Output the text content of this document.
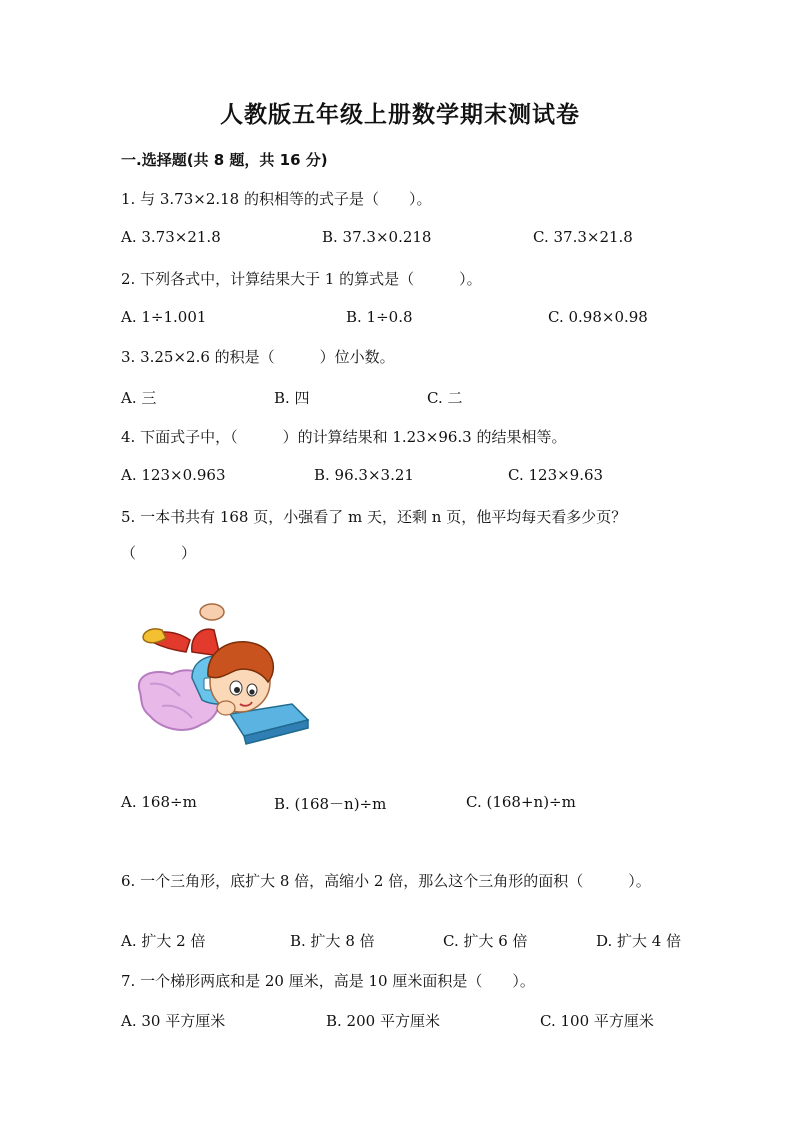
人教版五年级上册数学期末测试卷
一.选择题(共 8 题，共 16 分)
1. 与 3.73×2.18 的积相等的式子是（　　）。
A. 3.73×21.8	B. 37.3×0.218	C. 37.3×21.8
2. 下列各式中，计算结果大于 1 的算式是（　　　）。
A. 1÷1.001	B. 1÷0.8	C. 0.98×0.98
3. 3.25×2.6 的积是（　　　）位小数。
A. 三	B. 四	C. 二
4. 下面式子中，（　　　）的计算结果和 1.23×96.3 的结果相等。
A. 123×0.963	B. 96.3×3.21	C. 123×9.63
5. 一本书共有 168 页，小强看了 m 天，还剩 n 页，他平均每天看多少页？
（　　　）
A. 168÷m	B. (168－n)÷m	C. (168+n)÷m
6. 一个三角形，底扩大 8 倍，高缩小 2 倍，那么这个三角形的面积（　　　）。
A. 扩大 2 倍	B. 扩大 8 倍	C. 扩大 6 倍	D. 扩大 4 倍
7. 一个梯形两底和是 20 厘米，高是 10 厘米面积是（　　）。
A. 30 平方厘米	B. 200 平方厘米	C. 100 平方厘米
